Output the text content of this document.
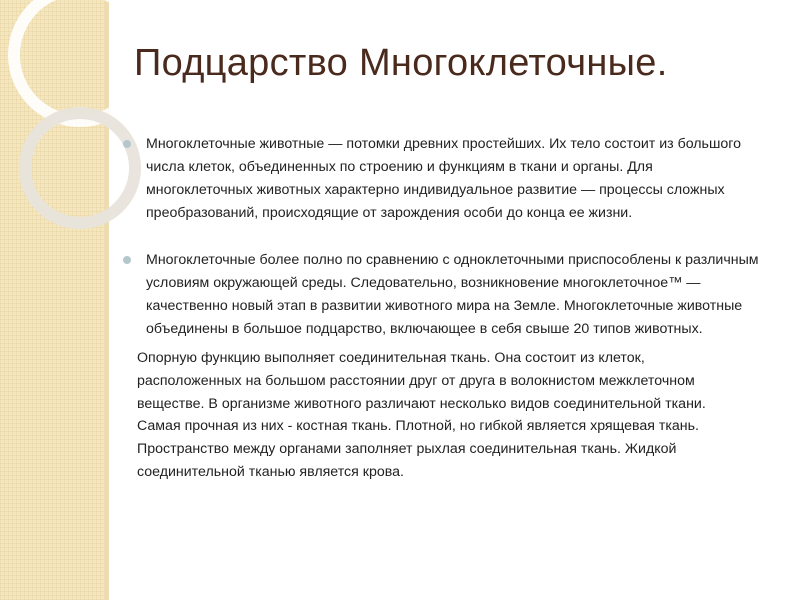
Подцарство Многоклеточные.

Многоклеточные животные — потомки древних простейших. Их тело состоит из большого числа клеток, объединенных по строению и функциям в ткани и органы. Для многоклеточных животных характерно индивидуальное развитие — процессы сложных преобразований, происходящие от зарождения особи до конца ее жизни.

Многоклеточные более полно по сравнению с одноклеточными приспособлены к различным условиям окружающей среды. Следовательно, возникновение многоклеточное™ — качественно новый этап в развитии животного мира на Земле. Многоклеточные животные объединены в большое подцарство, включающее в себя свыше 20 типов животных.

Опорную функцию выполняет соединительная ткань. Она состоит из клеток, расположенных на большом расстоянии друг от друга в волокнистом межклеточном веществе. В организме животного различают несколько видов соединительной ткани. Самая прочная из них - костная ткань. Плотной, но гибкой является хрящевая ткань. Пространство между органами заполняет рыхлая соединительная ткань. Жидкой соединительной тканью является крова.
